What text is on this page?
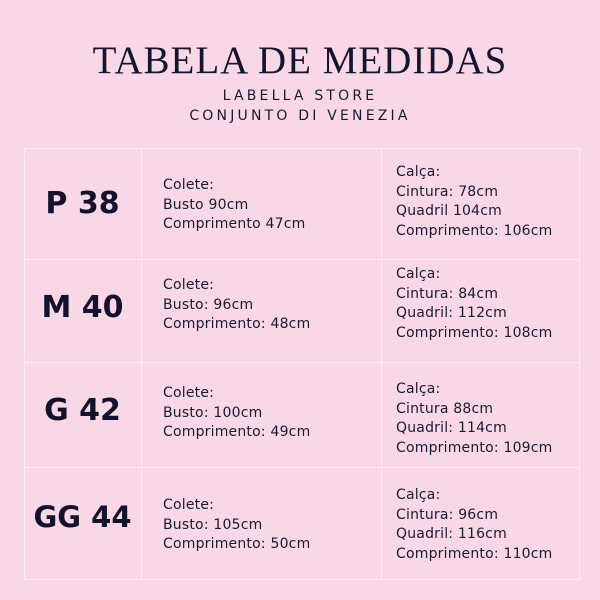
TABELA DE MEDIDAS
LABELLA STORE
CONJUNTO DI VENEZIA
P 38
Colete:
Busto 90cm
Comprimento 47cm
Calça:
Cintura: 78cm
Quadril 104cm
Comprimento: 106cm
M 40
Colete:
Busto: 96cm
Comprimento: 48cm
Calça:
Cintura: 84cm
Quadril: 112cm
Comprimento: 108cm
G 42	Colete:
Busto: 100cm
Comprimento: 49cm
Calça:
Cintura 88cm
Quadril: 114cm
Comprimento: 109cm
GG 44	Colete:
Busto: 105cm
Comprimento: 50cm
Calça:
Cintura: 96cm
Quadril: 116cm
Comprimento: 110cm
